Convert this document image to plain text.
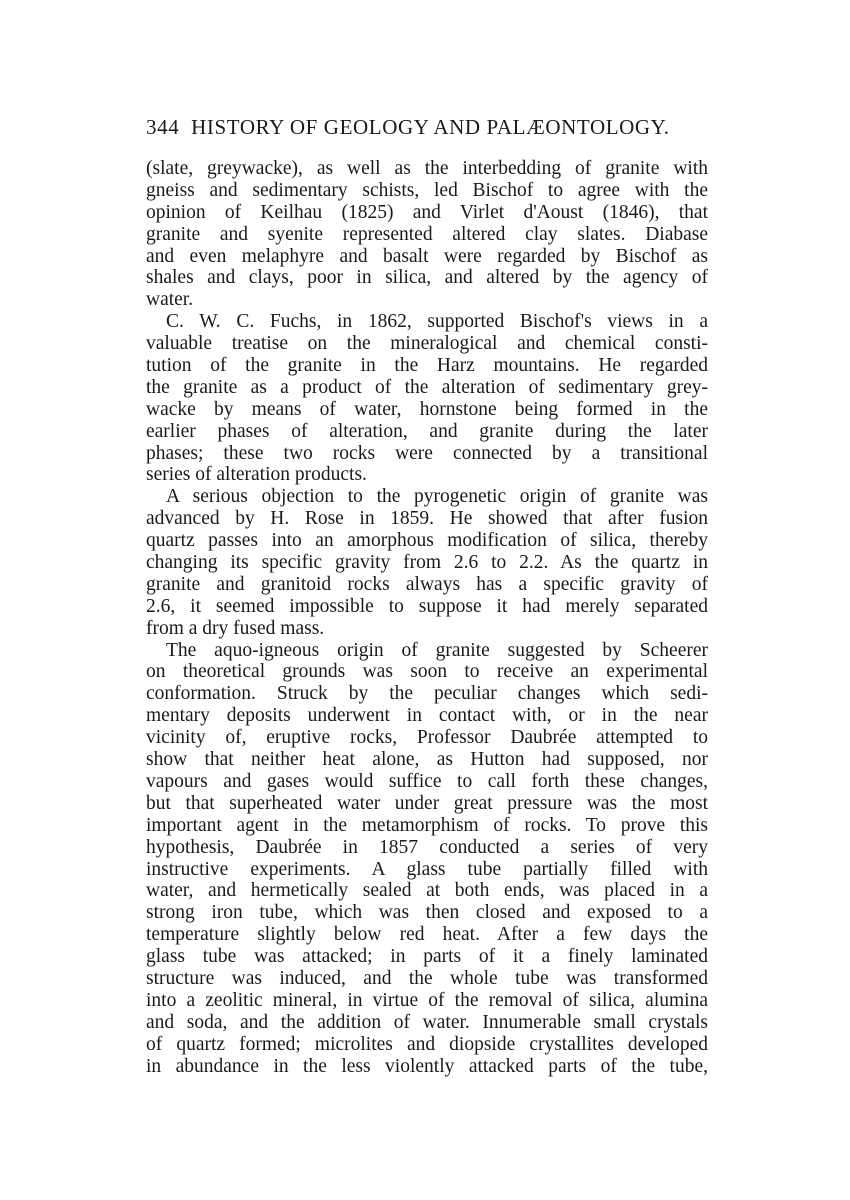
344 HISTORY OF GEOLOGY AND PALÆONTOLOGY.
(slate, greywacke), as well as the interbedding of granite with
gneiss and sedimentary schists, led Bischof to agree with the
opinion of Keilhau (1825) and Virlet d'Aoust (1846), that
granite and syenite represented altered clay slates. Diabase
and even melaphyre and basalt were regarded by Bischof as
shales and clays, poor in silica, and altered by the agency of
water.
C. W. C. Fuchs, in 1862, supported Bischof's views in a
valuable treatise on the mineralogical and chemical consti-
tution of the granite in the Harz mountains. He regarded
the granite as a product of the alteration of sedimentary grey-
wacke by means of water, hornstone being formed in the
earlier phases of alteration, and granite during the later
phases; these two rocks were connected by a transitional
series of alteration products.
A serious objection to the pyrogenetic origin of granite was
advanced by H. Rose in 1859. He showed that after fusion
quartz passes into an amorphous modification of silica, thereby
changing its specific gravity from 2.6 to 2.2. As the quartz in
granite and granitoid rocks always has a specific gravity of
2.6, it seemed impossible to suppose it had merely separated
from a dry fused mass.
The aquo-igneous origin of granite suggested by Scheerer
on theoretical grounds was soon to receive an experimental
conformation. Struck by the peculiar changes which sedi-
mentary deposits underwent in contact with, or in the near
vicinity of, eruptive rocks, Professor Daubrée attempted to
show that neither heat alone, as Hutton had supposed, nor
vapours and gases would suffice to call forth these changes,
but that superheated water under great pressure was the most
important agent in the metamorphism of rocks. To prove this
hypothesis, Daubrée in 1857 conducted a series of very
instructive experiments. A glass tube partially filled with
water, and hermetically sealed at both ends, was placed in a
strong iron tube, which was then closed and exposed to a
temperature slightly below red heat. After a few days the
glass tube was attacked; in parts of it a finely laminated
structure was induced, and the whole tube was transformed
into a zeolitic mineral, in virtue of the removal of silica, alumina
and soda, and the addition of water. Innumerable small crystals
of quartz formed; microlites and diopside crystallites developed
in abundance in the less violently attacked parts of the tube,
